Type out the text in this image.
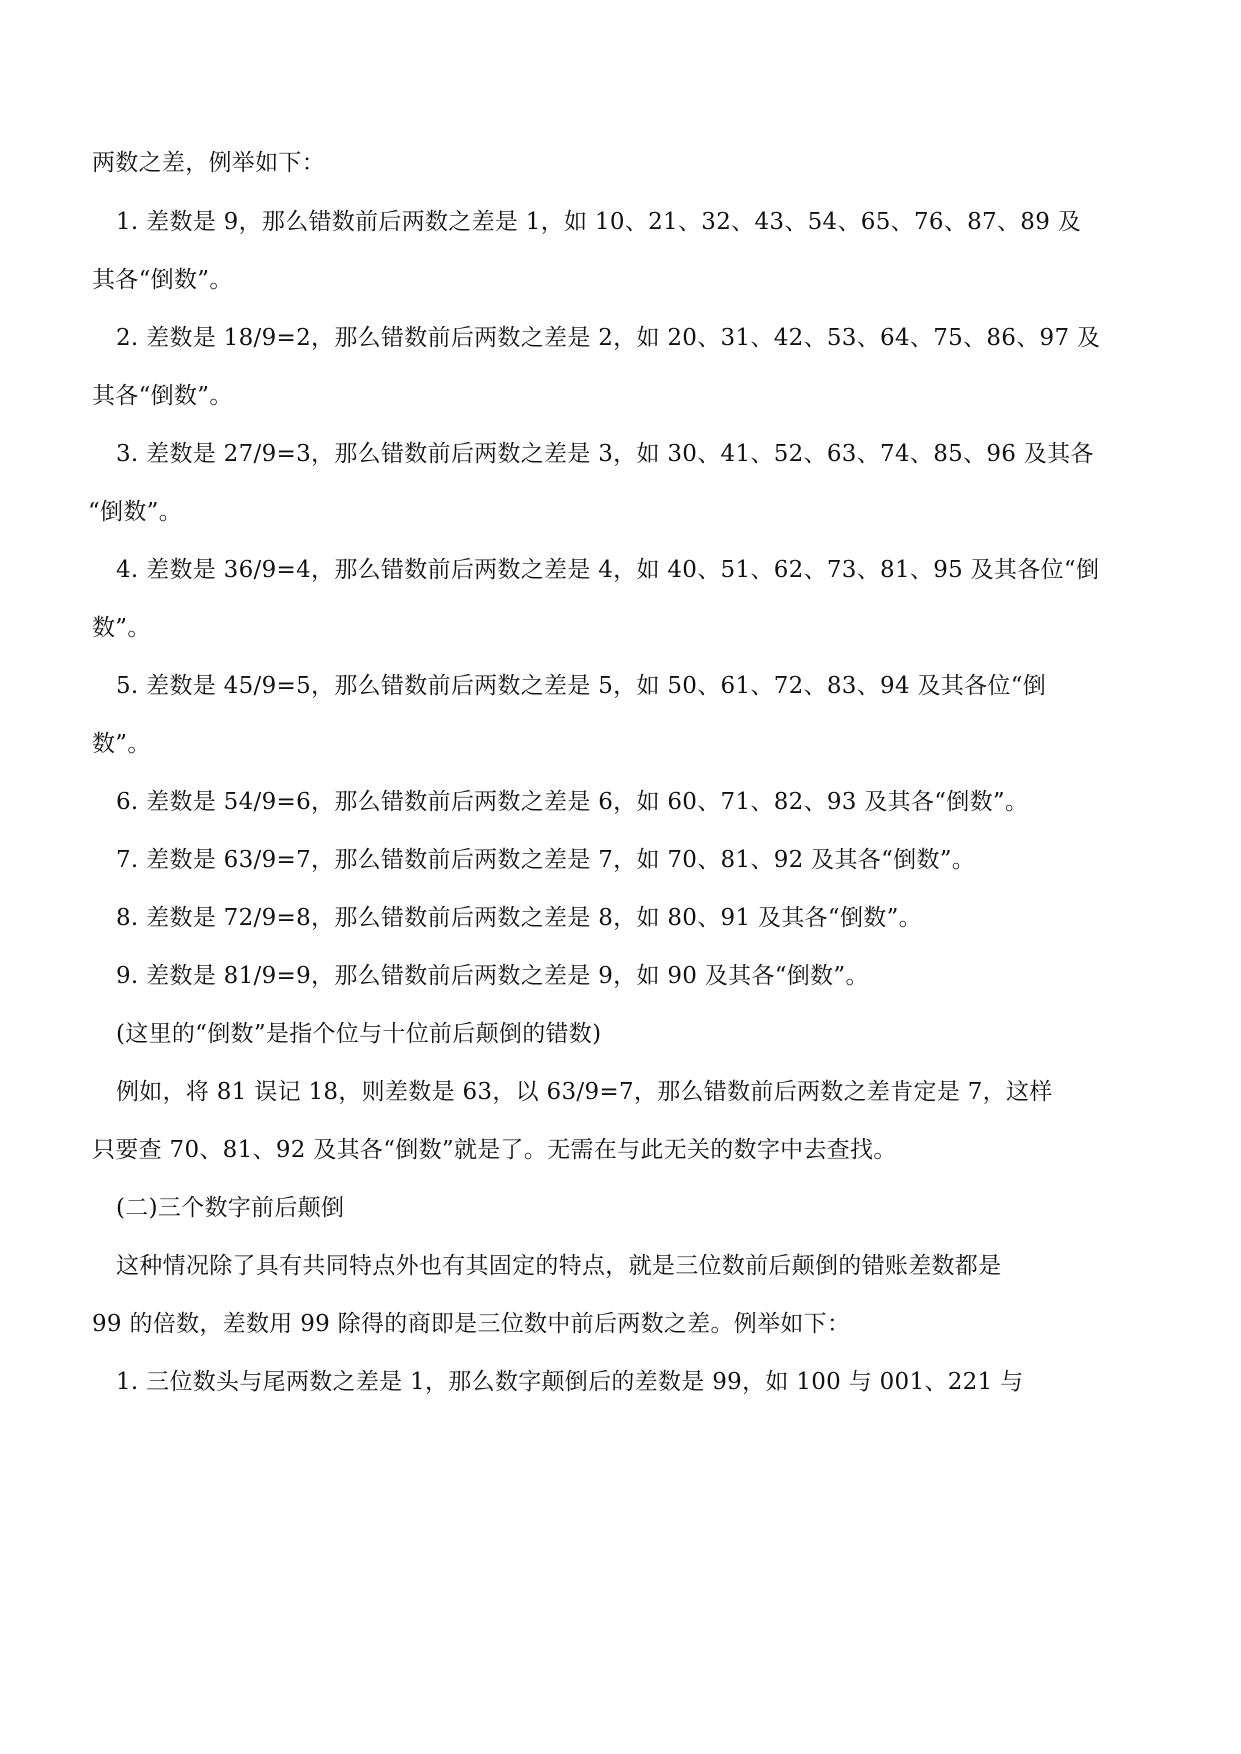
两数之差，例举如下：
1. 差数是 9，那么错数前后两数之差是 1，如 10、21、32、43、54、65、76、87、89 及
其各“倒数”。
2. 差数是 18/9=2，那么错数前后两数之差是 2，如 20、31、42、53、64、75、86、97 及
其各“倒数”。
3. 差数是 27/9=3，那么错数前后两数之差是 3，如 30、41、52、63、74、85、96 及其各
“倒数”。
4. 差数是 36/9=4，那么错数前后两数之差是 4，如 40、51、62、73、81、95 及其各位“倒
数”。
5. 差数是 45/9=5，那么错数前后两数之差是 5，如 50、61、72、83、94 及其各位“倒
数”。
6. 差数是 54/9=6，那么错数前后两数之差是 6，如 60、71、82、93 及其各“倒数”。
7. 差数是 63/9=7，那么错数前后两数之差是 7，如 70、81、92 及其各“倒数”。
8. 差数是 72/9=8，那么错数前后两数之差是 8，如 80、91 及其各“倒数”。
9. 差数是 81/9=9，那么错数前后两数之差是 9，如 90 及其各“倒数”。
(这里的“倒数”是指个位与十位前后颠倒的错数)
例如，将 81 误记 18，则差数是 63，以 63/9=7，那么错数前后两数之差肯定是 7，这样
只要查 70、81、92 及其各“倒数”就是了。无需在与此无关的数字中去查找。
(二)三个数字前后颠倒
这种情况除了具有共同特点外也有其固定的特点，就是三位数前后颠倒的错账差数都是
99 的倍数，差数用 99 除得的商即是三位数中前后两数之差。例举如下：
1. 三位数头与尾两数之差是 1，那么数字颠倒后的差数是 99，如 100 与 001、221 与
